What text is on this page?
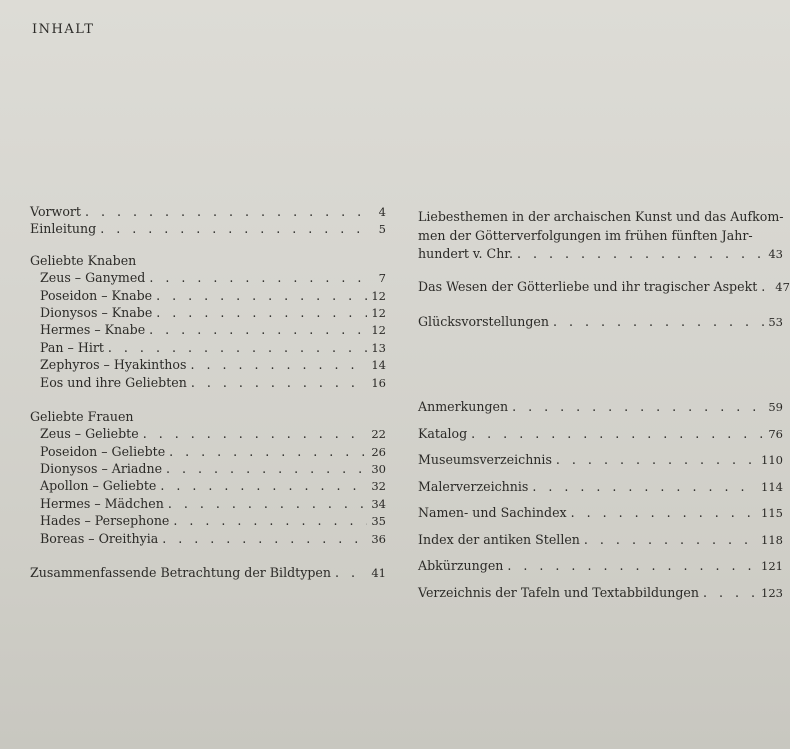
INHALT
Vorwort . . .	4
Einleitung . . .	5
Geliebte Knaben
Zeus – Ganymed . . .	7
Poseidon – Knabe . . .	12
Dionysos – Knabe . . .	12
Hermes – Knabe . . .	12
Pan – Hirt . . .	13
Zephyros – Hyakinthos . . .	14
Eos und ihre Geliebten . . .	16
Geliebte Frauen
Zeus – Geliebte . . .	22
Poseidon – Geliebte . . .	26
Dionysos – Ariadne . . .	30
Apollon – Geliebte . . .	32
Hermes – Mädchen . . .	34
Hades – Persephone . . .	35
Boreas – Oreithyia . . .	36
Zusammenfassende Betrachtung der Bildtypen . . .	41
Liebesthemen in der archaischen Kunst und das Aufkom-
men der Götterverfolgungen im frühen fünften Jahr-
hundert v. Chr. . . .	43
Das Wesen der Götterliebe und ihr tragischer Aspekt . . . 47
Glücksvorstellungen . . .	53
Anmerkungen . . .	59
Katalog . . .	76
Museumsverzeichnis . . .	110
Malerverzeichnis . . .	114
Namen- und Sachindex . . .	115
Index der antiken Stellen . . .	118
Abkürzungen . . .	121
Verzeichnis der Tafeln und Textabbildungen . . .	123
